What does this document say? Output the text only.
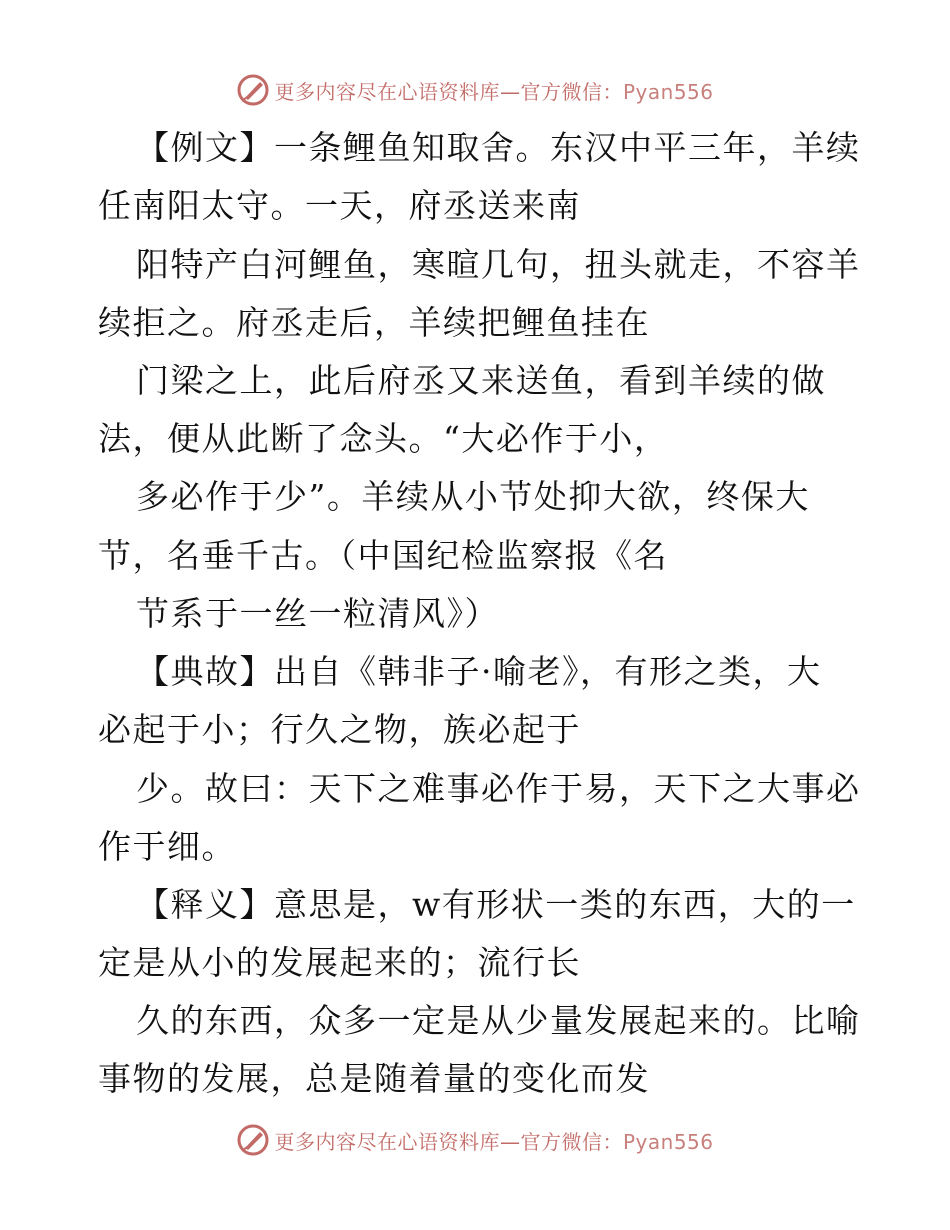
更多内容尽在心语资料库—官方微信：Pyan556
【例文】一条鲤鱼知取舍。东汉中平三年，羊续
任南阳太守。一天，府丞送来南
阳特产白河鲤鱼，寒暄几句，扭头就走，不容羊
续拒之。府丞走后，羊续把鲤鱼挂在
门梁之上，此后府丞又来送鱼，看到羊续的做
法，便从此断了念头。“大必作于小，
多必作于少”。羊续从小节处抑大欲，终保大
节，名垂千古。（中国纪检监察报《名
节系于一丝一粒清风》）
【典故】出自《韩非子·喻老》，有形之类，大
必起于小；行久之物，族必起于
少。故曰：天下之难事必作于易，天下之大事必
作于细。
【释义】意思是，w有形状一类的东西，大的一
定是从小的发展起来的；流行长
久的东西，众多一定是从少量发展起来的。比喻
事物的发展，总是随着量的变化而发
更多内容尽在心语资料库—官方微信：Pyan556
